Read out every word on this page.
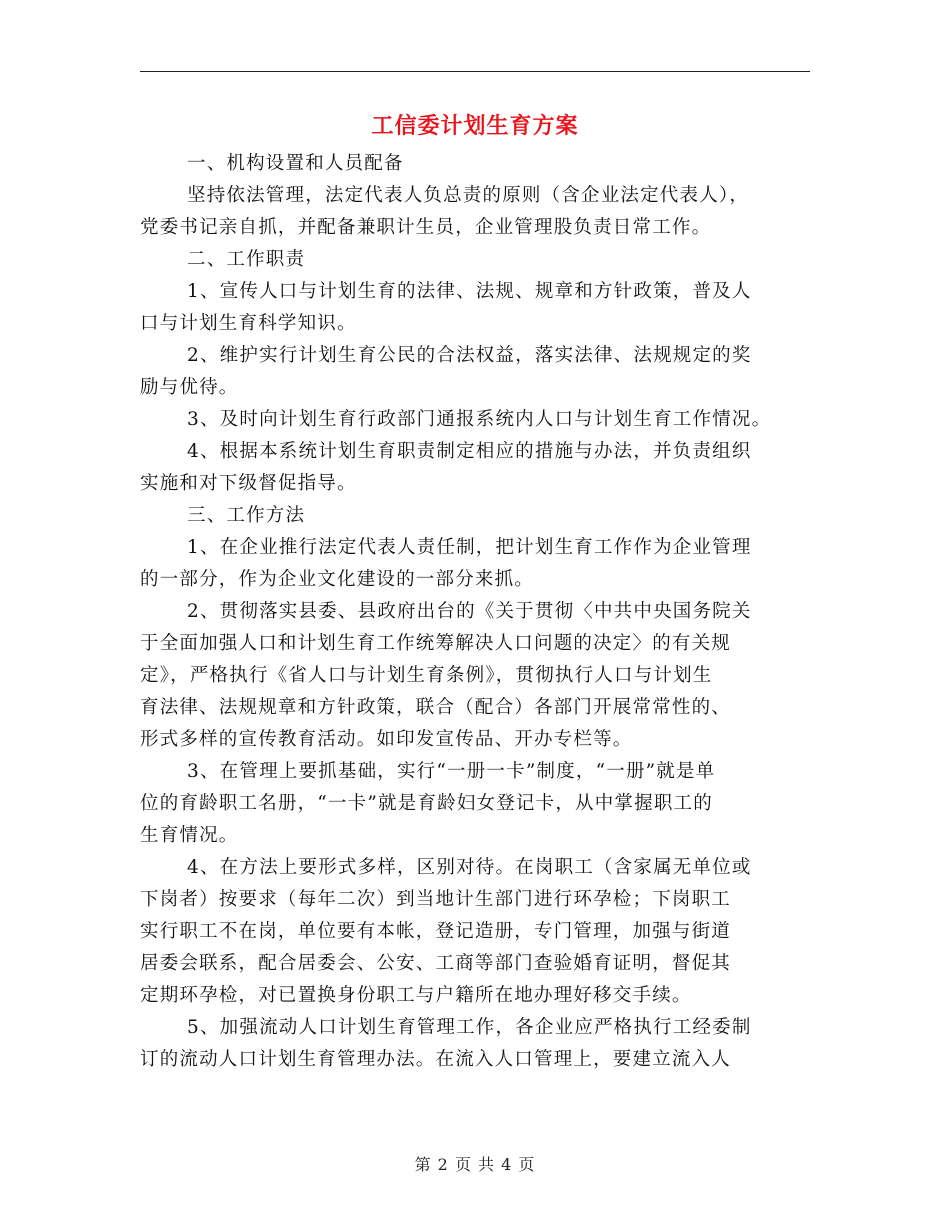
工信委计划生育方案

一、机构设置和人员配备

坚持依法管理，法定代表人负总责的原则（含企业法定代表人），
党委书记亲自抓，并配备兼职计生员，企业管理股负责日常工作。

二、工作职责

1、宣传人口与计划生育的法律、法规、规章和方针政策，普及人
口与计划生育科学知识。

2、维护实行计划生育公民的合法权益，落实法律、法规规定的奖
励与优待。

3、及时向计划生育行政部门通报系统内人口与计划生育工作情况。

4、根据本系统计划生育职责制定相应的措施与办法，并负责组织
实施和对下级督促指导。

三、工作方法

1、在企业推行法定代表人责任制，把计划生育工作作为企业管理
的一部分，作为企业文化建设的一部分来抓。

2、贯彻落实县委、县政府出台的《关于贯彻〈中共中央国务院关
于全面加强人口和计划生育工作统筹解决人口问题的决定〉的有关规
定》，严格执行《省人口与计划生育条例》，贯彻执行人口与计划生
育法律、法规规章和方针政策，联合（配合）各部门开展常常性的、
形式多样的宣传教育活动。如印发宣传品、开办专栏等。

3、在管理上要抓基础，实行“一册一卡”制度，“一册”就是单
位的育龄职工名册，“一卡”就是育龄妇女登记卡，从中掌握职工的
生育情况。

4、在方法上要形式多样，区别对待。在岗职工（含家属无单位或
下岗者）按要求（每年二次）到当地计生部门进行环孕检；下岗职工
实行职工不在岗，单位要有本帐，登记造册，专门管理，加强与街道
居委会联系，配合居委会、公安、工商等部门查验婚育证明，督促其
定期环孕检，对已置换身份职工与户籍所在地办理好移交手续。

5、加强流动人口计划生育管理工作，各企业应严格执行工经委制
订的流动人口计划生育管理办法。在流入人口管理上，要建立流入人

第 2 页 共 4 页
